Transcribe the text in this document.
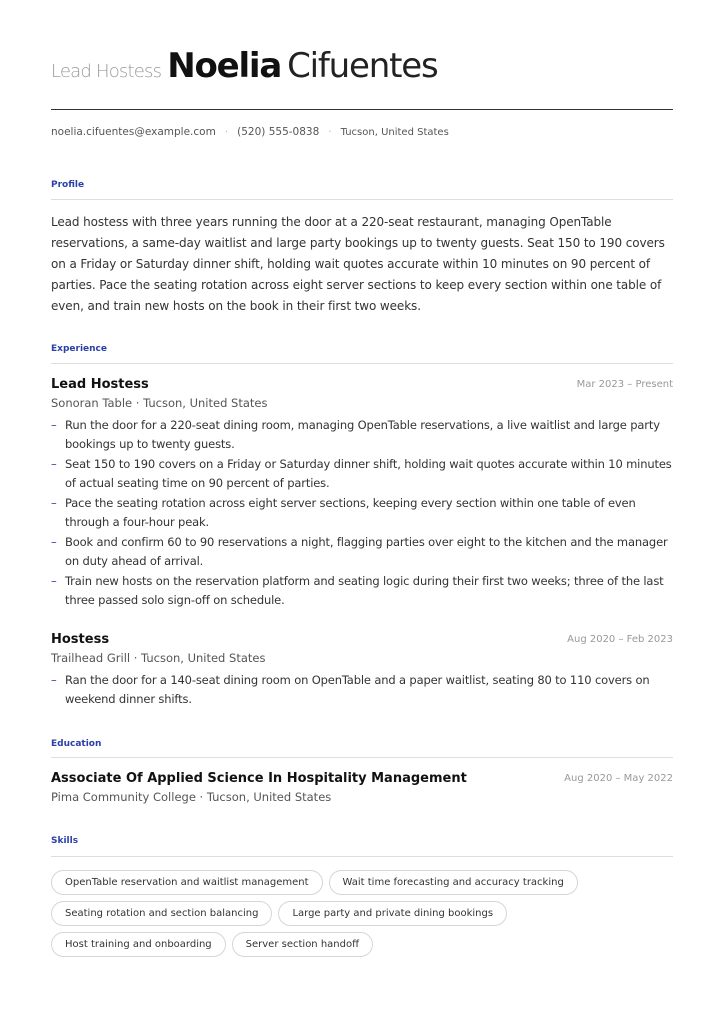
Lead Hostess Noelia Cifuentes
noelia.cifuentes@example.com · (520) 555-0838 · Tucson, United States
Profile
Lead hostess with three years running the door at a 220-seat restaurant, managing OpenTable reservations, a same-day waitlist and large party bookings up to twenty guests. Seat 150 to 190 covers on a Friday or Saturday dinner shift, holding wait quotes accurate within 10 minutes on 90 percent of parties. Pace the seating rotation across eight server sections to keep every section within one table of even, and train new hosts on the book in their first two weeks.
Experience
Lead Hostess	Mar 2023 – Present
Sonoran Table · Tucson, United States
– Run the door for a 220-seat dining room, managing OpenTable reservations, a live waitlist and large party bookings up to twenty guests.
– Seat 150 to 190 covers on a Friday or Saturday dinner shift, holding wait quotes accurate within 10 minutes of actual seating time on 90 percent of parties.
– Pace the seating rotation across eight server sections, keeping every section within one table of even through a four-hour peak.
– Book and confirm 60 to 90 reservations a night, flagging parties over eight to the kitchen and the manager on duty ahead of arrival.
– Train new hosts on the reservation platform and seating logic during their first two weeks; three of the last three passed solo sign-off on schedule.
Hostess	Aug 2020 – Feb 2023
Trailhead Grill · Tucson, United States
– Ran the door for a 140-seat dining room on OpenTable and a paper waitlist, seating 80 to 110 covers on weekend dinner shifts.
Education
Associate Of Applied Science In Hospitality Management	Aug 2020 – May 2022
Pima Community College · Tucson, United States
Skills
OpenTable reservation and waitlist management	Wait time forecasting and accuracy tracking
Seating rotation and section balancing	Large party and private dining bookings
Host training and onboarding	Server section handoff
